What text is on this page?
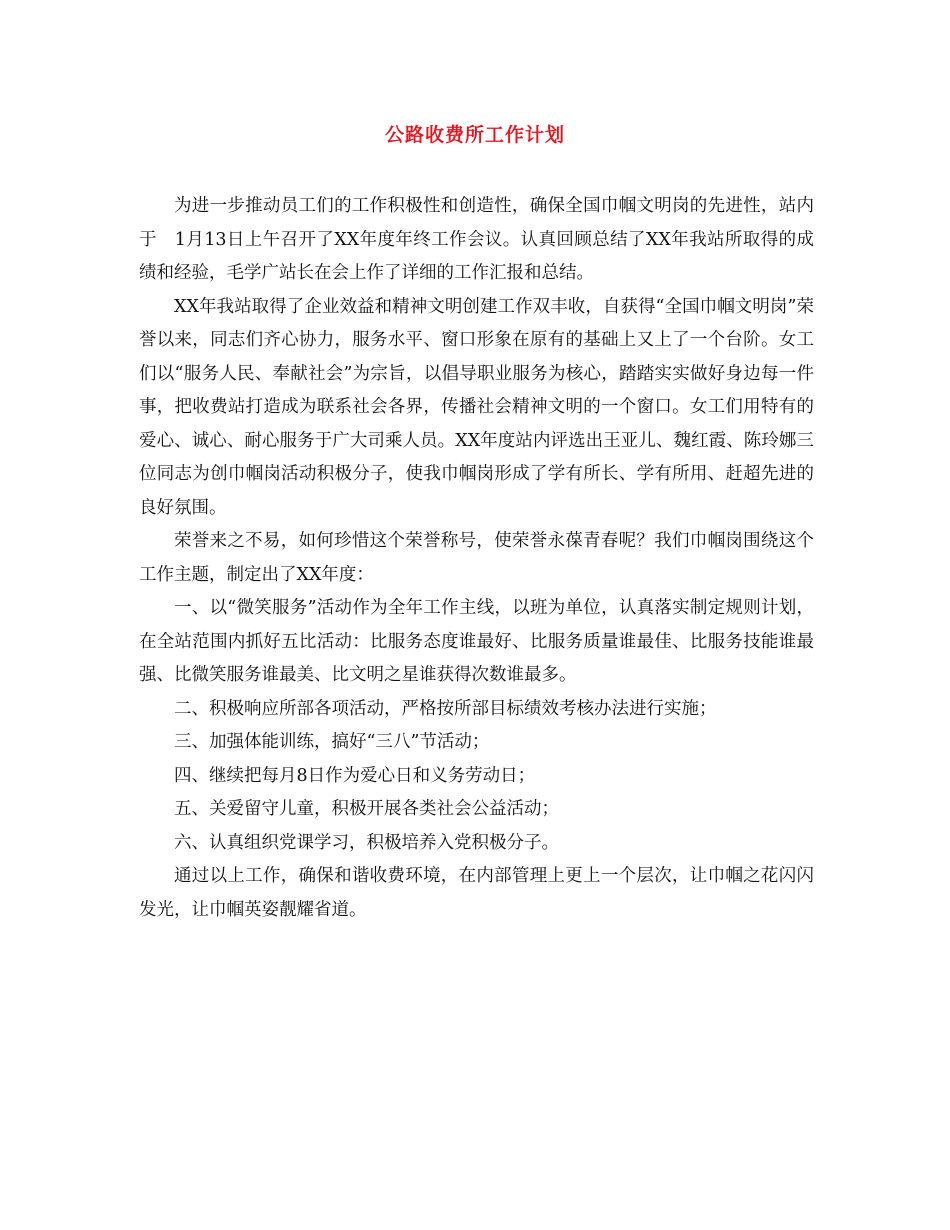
公路收费所工作计划

为进一步推动员工们的工作积极性和创造性，确保全国巾帼文明岗的先进性，站内于　1月13日上午召开了XX年度年终工作会议。认真回顾总结了XX年我站所取得的成绩和经验，毛学广站长在会上作了详细的工作汇报和总结。

XX年我站取得了企业效益和精神文明创建工作双丰收，自获得“全国巾帼文明岗”荣誉以来，同志们齐心协力，服务水平、窗口形象在原有的基础上又上了一个台阶。女工们以“服务人民、奉献社会”为宗旨，以倡导职业服务为核心，踏踏实实做好身边每一件事，把收费站打造成为联系社会各界，传播社会精神文明的一个窗口。女工们用特有的爱心、诚心、耐心服务于广大司乘人员。XX年度站内评选出王亚儿、魏红霞、陈玲娜三位同志为创巾帼岗活动积极分子，使我巾帼岗形成了学有所长、学有所用、赶超先进的良好氛围。

荣誉来之不易，如何珍惜这个荣誉称号，使荣誉永葆青春呢？我们巾帼岗围绕这个工作主题，制定出了XX年度：

一、以“微笑服务”活动作为全年工作主线，以班为单位，认真落实制定规则计划，在全站范围内抓好五比活动：比服务态度谁最好、比服务质量谁最佳、比服务技能谁最强、比微笑服务谁最美、比文明之星谁获得次数谁最多。

二、积极响应所部各项活动，严格按所部目标绩效考核办法进行实施；

三、加强体能训练，搞好“三八”节活动；

四、继续把每月8日作为爱心日和义务劳动日；

五、关爱留守儿童，积极开展各类社会公益活动；

六、认真组织党课学习，积极培养入党积极分子。

通过以上工作，确保和谐收费环境，在内部管理上更上一个层次，让巾帼之花闪闪发光，让巾帼英姿靓耀省道。
